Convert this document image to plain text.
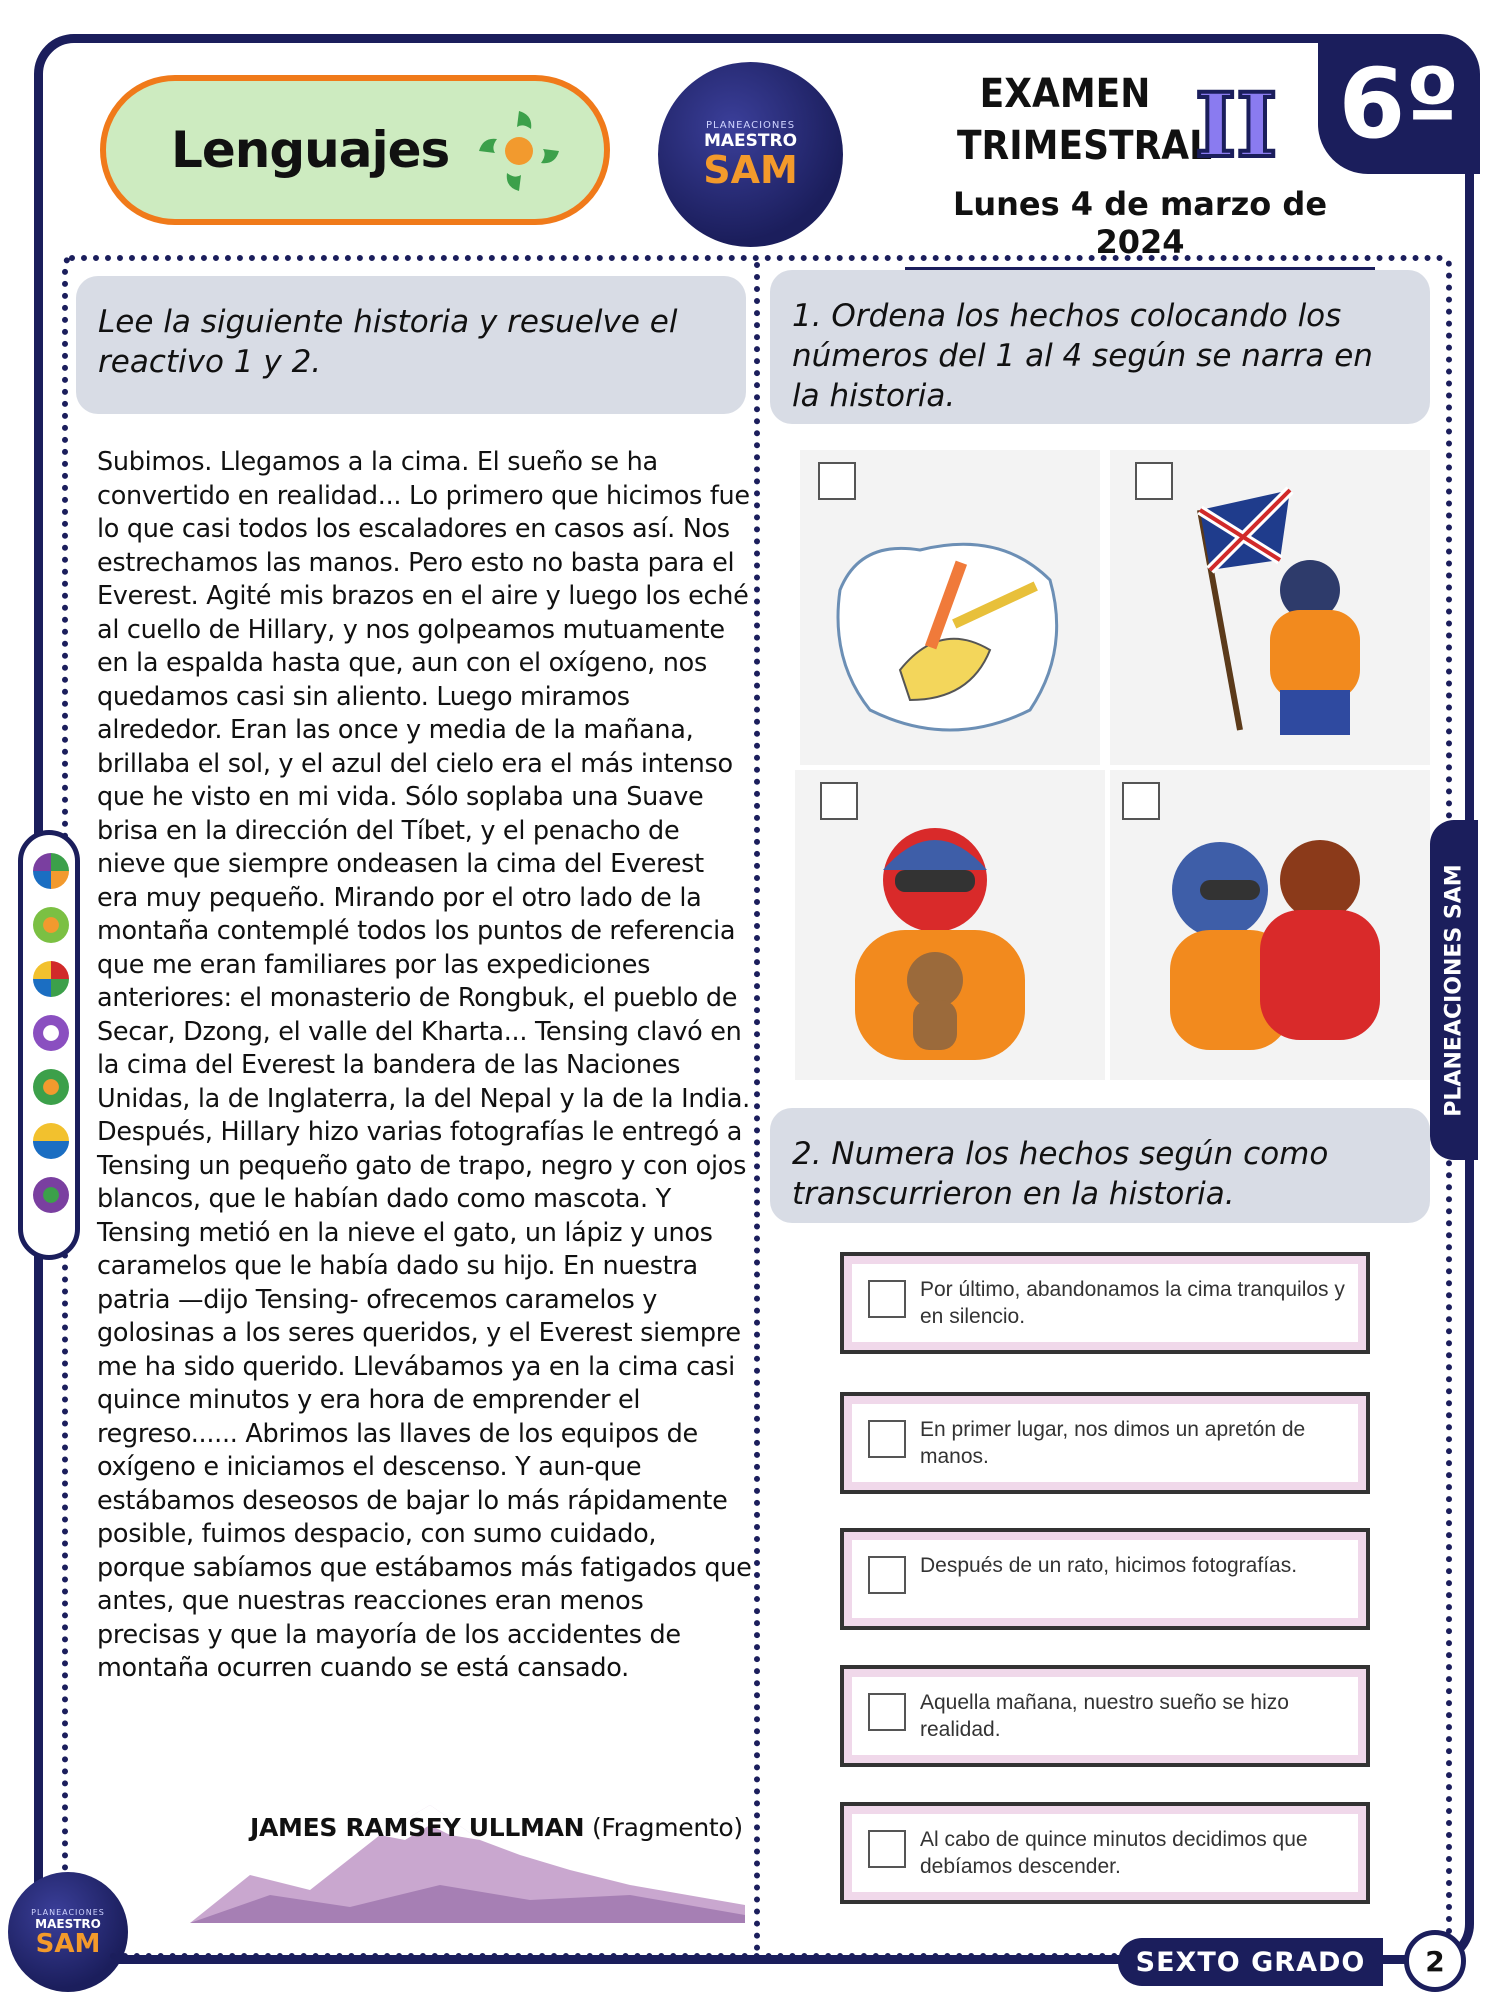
6º
Lenguajes	PLANEACIONES
MAESTRO
SAM
EXAMEN
TRIMESTRAL
II
Lunes 4 de marzo de 2024
Lee la siguiente historia y resuelve el reactivo 1 y 2.
Subimos. Llegamos a la cima. El sueño se ha convertido en realidad... Lo primero que hicimos fue lo que casi todos los escaladores en casos así. Nos estrechamos las manos. Pero esto no basta para el Everest. Agité mis brazos en el aire y luego los eché al cuello de Hillary, y nos golpeamos mutuamente en la espalda hasta que, aun con el oxígeno, nos quedamos casi sin aliento. Luego miramos alrededor. Eran las once y media de la mañana, brillaba el sol, y el azul del cielo era el más intenso que he visto en mi vida. Sólo soplaba una Suave brisa en la dirección del Tíbet, y el penacho de nieve que siempre ondeasen la cima del Everest era muy pequeño. Mirando por el otro lado de la montaña contemplé todos los puntos de referencia que me eran familiares por las expediciones anteriores: el monasterio de Rongbuk, el pueblo de Secar, Dzong, el valle del Kharta... Tensing clavó en la cima del Everest la bandera de las Naciones Unidas, la de Inglaterra, la del Nepal y la de la India. Después, Hillary hizo varias fotografías le entregó a Tensing un pequeño gato de trapo, negro y con ojos blancos, que le habían dado como mascota. Y Tensing metió en la nieve el gato, un lápiz y unos caramelos que le había dado su hijo. En nuestra patria —dijo Tensing- ofrecemos caramelos y golosinas a los seres queridos, y el Everest siempre me ha sido querido. Llevábamos ya en la cima casi quince minutos y era hora de emprender el regreso...... Abrimos las llaves de los equipos de oxígeno e iniciamos el descenso. Y aun-que estábamos deseosos de bajar lo más rápidamente posible, fuimos despacio, con sumo cuidado, porque sabíamos que estábamos más fatigados que antes, que nuestras reacciones eran menos precisas y que la mayoría de los accidentes de montaña ocurren cuando se está cansado.
JAMES RAMSEY ULLMAN (Fragmento)
1. Ordena los hechos colocando los números del 1 al 4 según se narra en la historia.
2. Numera los hechos según como transcurrieron en la historia.
Por último, abandonamos la cima tranquilos y en silencio.
En primer lugar, nos dimos un apretón de manos.
Después de un rato, hicimos fotografías.
Aquella mañana, nuestro sueño se hizo realidad.
Al cabo de quince minutos decidimos que debíamos descender.
PLANEACIONES SAM
PLANEACIONES
MAESTRO
SAM
SEXTO GRADO	2
